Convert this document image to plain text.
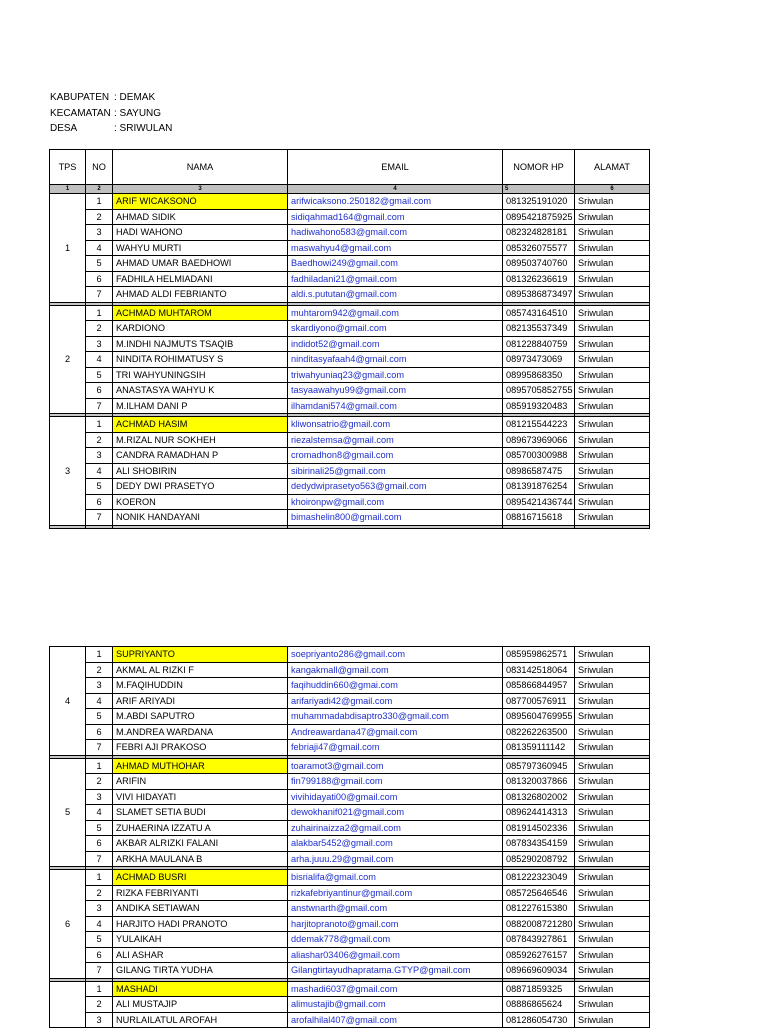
KABUPATEN : DEMAK
KECAMATAN : SAYUNG
DESA	: SRIWULAN
TPS	NO	NAMA	EMAIL	NOMOR HP	ALAMAT
1	2	3	4	5	6
1	1	ARIF WICAKSONO	arifwicaksono.250182@gmail.com	081325191020	Sriwulan
	2	AHMAD SIDIK	sidiqahmad164@gmail.com	0895421875925	Sriwulan
	3	HADI WAHONO	hadiwahono583@gmail.com	082324828181	Sriwulan
	4	WAHYU MURTI	maswahyu4@gmail.com	085326075577	Sriwulan
	5	AHMAD UMAR BAEDHOWI	Baedhowi249@gmail.com	089503740760	Sriwulan
	6	FADHILA HELMIADANI	fadhiladani21@gmail.com	081326236619	Sriwulan
	7	AHMAD ALDI FEBRIANTO	aldi.s.pututan@gmail.com	0895386873497	Sriwulan

2	1	ACHMAD MUHTAROM	muhtarom942@gmail.com	085743164510	Sriwulan
	2	KARDIONO	skardiyono@gmail.com	082135537349	Sriwulan
	3	M.INDHI NAJMUTS TSAQIB	indidot52@gmail.com	081228840759	Sriwulan
	4	NINDITA ROHIMATUSY S	ninditasyafaah4@gmail.com	08973473069	Sriwulan
	5	TRI WAHYUNINGSIH	triwahyuniaq23@gmail.com	08995868350	Sriwulan
	6	ANASTASYA WAHYU K	tasyaawahyu99@gmail.com	0895705852755	Sriwulan
	7	M.ILHAM DANI P	ilhamdani574@gmail.com	085919320483	Sriwulan

3	1	ACHMAD HASIM	kliwonsatrio@gmail.com	081215544223	Sriwulan
	2	M.RIZAL NUR SOKHEH	riezalstemsa@gmail.com	089673969066	Sriwulan
	3	CANDRA RAMADHAN P	cromadhon8@gmail.com	085700300988	Sriwulan
	4	ALI SHOBIRIN	sibirinali25@gmail.com	08986587475	Sriwulan
	5	DEDY DWI PRASETYO	dedydwiprasetyo563@gmail.com	081391876254	Sriwulan
	6	KOERON	khoironpw@gmail.com	0895421436744	Sriwulan
	7	NONIK HANDAYANI	bimashelin800@gmail.com	08816715618	Sriwulan

4	1	SUPRIYANTO	soepriyanto286@gmail.com	085959862571	Sriwulan
	2	AKMAL AL RIZKI F	kangakmall@gmail.com	083142518064	Sriwulan
	3	M.FAQIHUDDIN	faqihuddin660@gmai.com	085866844957	Sriwulan
	4	ARIF ARIYADI	arifariyadi42@gmail.com	087700576911	Sriwulan
	5	M.ABDI SAPUTRO	muhammadabdisaptro330@gmail.com	0895604769955	Sriwulan
	6	M.ANDREA WARDANA	Andreawardana47@gmail.com	082262263500	Sriwulan
	7	FEBRI AJI PRAKOSO	febriaji47@gmail.com	081359111142	Sriwulan

5	1	AHMAD MUTHOHAR	toaramot3@gmail.com	085797360945	Sriwulan
	2	ARIFIN	fin799188@gmail.com	081320037866	Sriwulan
	3	VIVI HIDAYATI	vivihidayati00@gmail.com	081326802002	Sriwulan
	4	SLAMET SETIA BUDI	dewokhanif021@gmail.com	089624414313	Sriwulan
	5	ZUHAERINA IZZATU A	zuhairinaizza2@gmail.com	081914502336	Sriwulan
	6	AKBAR ALRIZKI FALANI	alakbar5452@gmail.com	087834354159	Sriwulan
	7	ARKHA MAULANA B	arha.juuu.29@gmail.com	085290208792	Sriwulan

6	1	ACHMAD BUSRI	bisrialifa@gmail.com	081222323049	Sriwulan
	2	RIZKA FEBRIYANTI	rizkafebriyantinur@gmail.com	085725646546	Sriwulan
	3	ANDIKA SETIAWAN	anstwnarth@gmail.com	081227615380	Sriwulan
	4	HARJITO HADI PRANOTO	harjitopranoto@gmail.com	0882008721280	Sriwulan
	5	YULAIKAH	ddemak778@gmail.com	087843927861	Sriwulan
	6	ALI ASHAR	aliashar03406@gmail.com	085926276157	Sriwulan
	7	GILANG TIRTA YUDHA	Gilangtirtayudhapratama.GTYP@gmail.com	089669609034	Sriwulan

	1	MASHADI	mashadi6037@gmail.com	08871859325	Sriwulan
	2	ALI MUSTAJIP	alimustajib@gmail.com	08886865624	Sriwulan
	3	NURLAILATUL AROFAH	arofalhilal407@gmail.com	081286054730	Sriwulan
